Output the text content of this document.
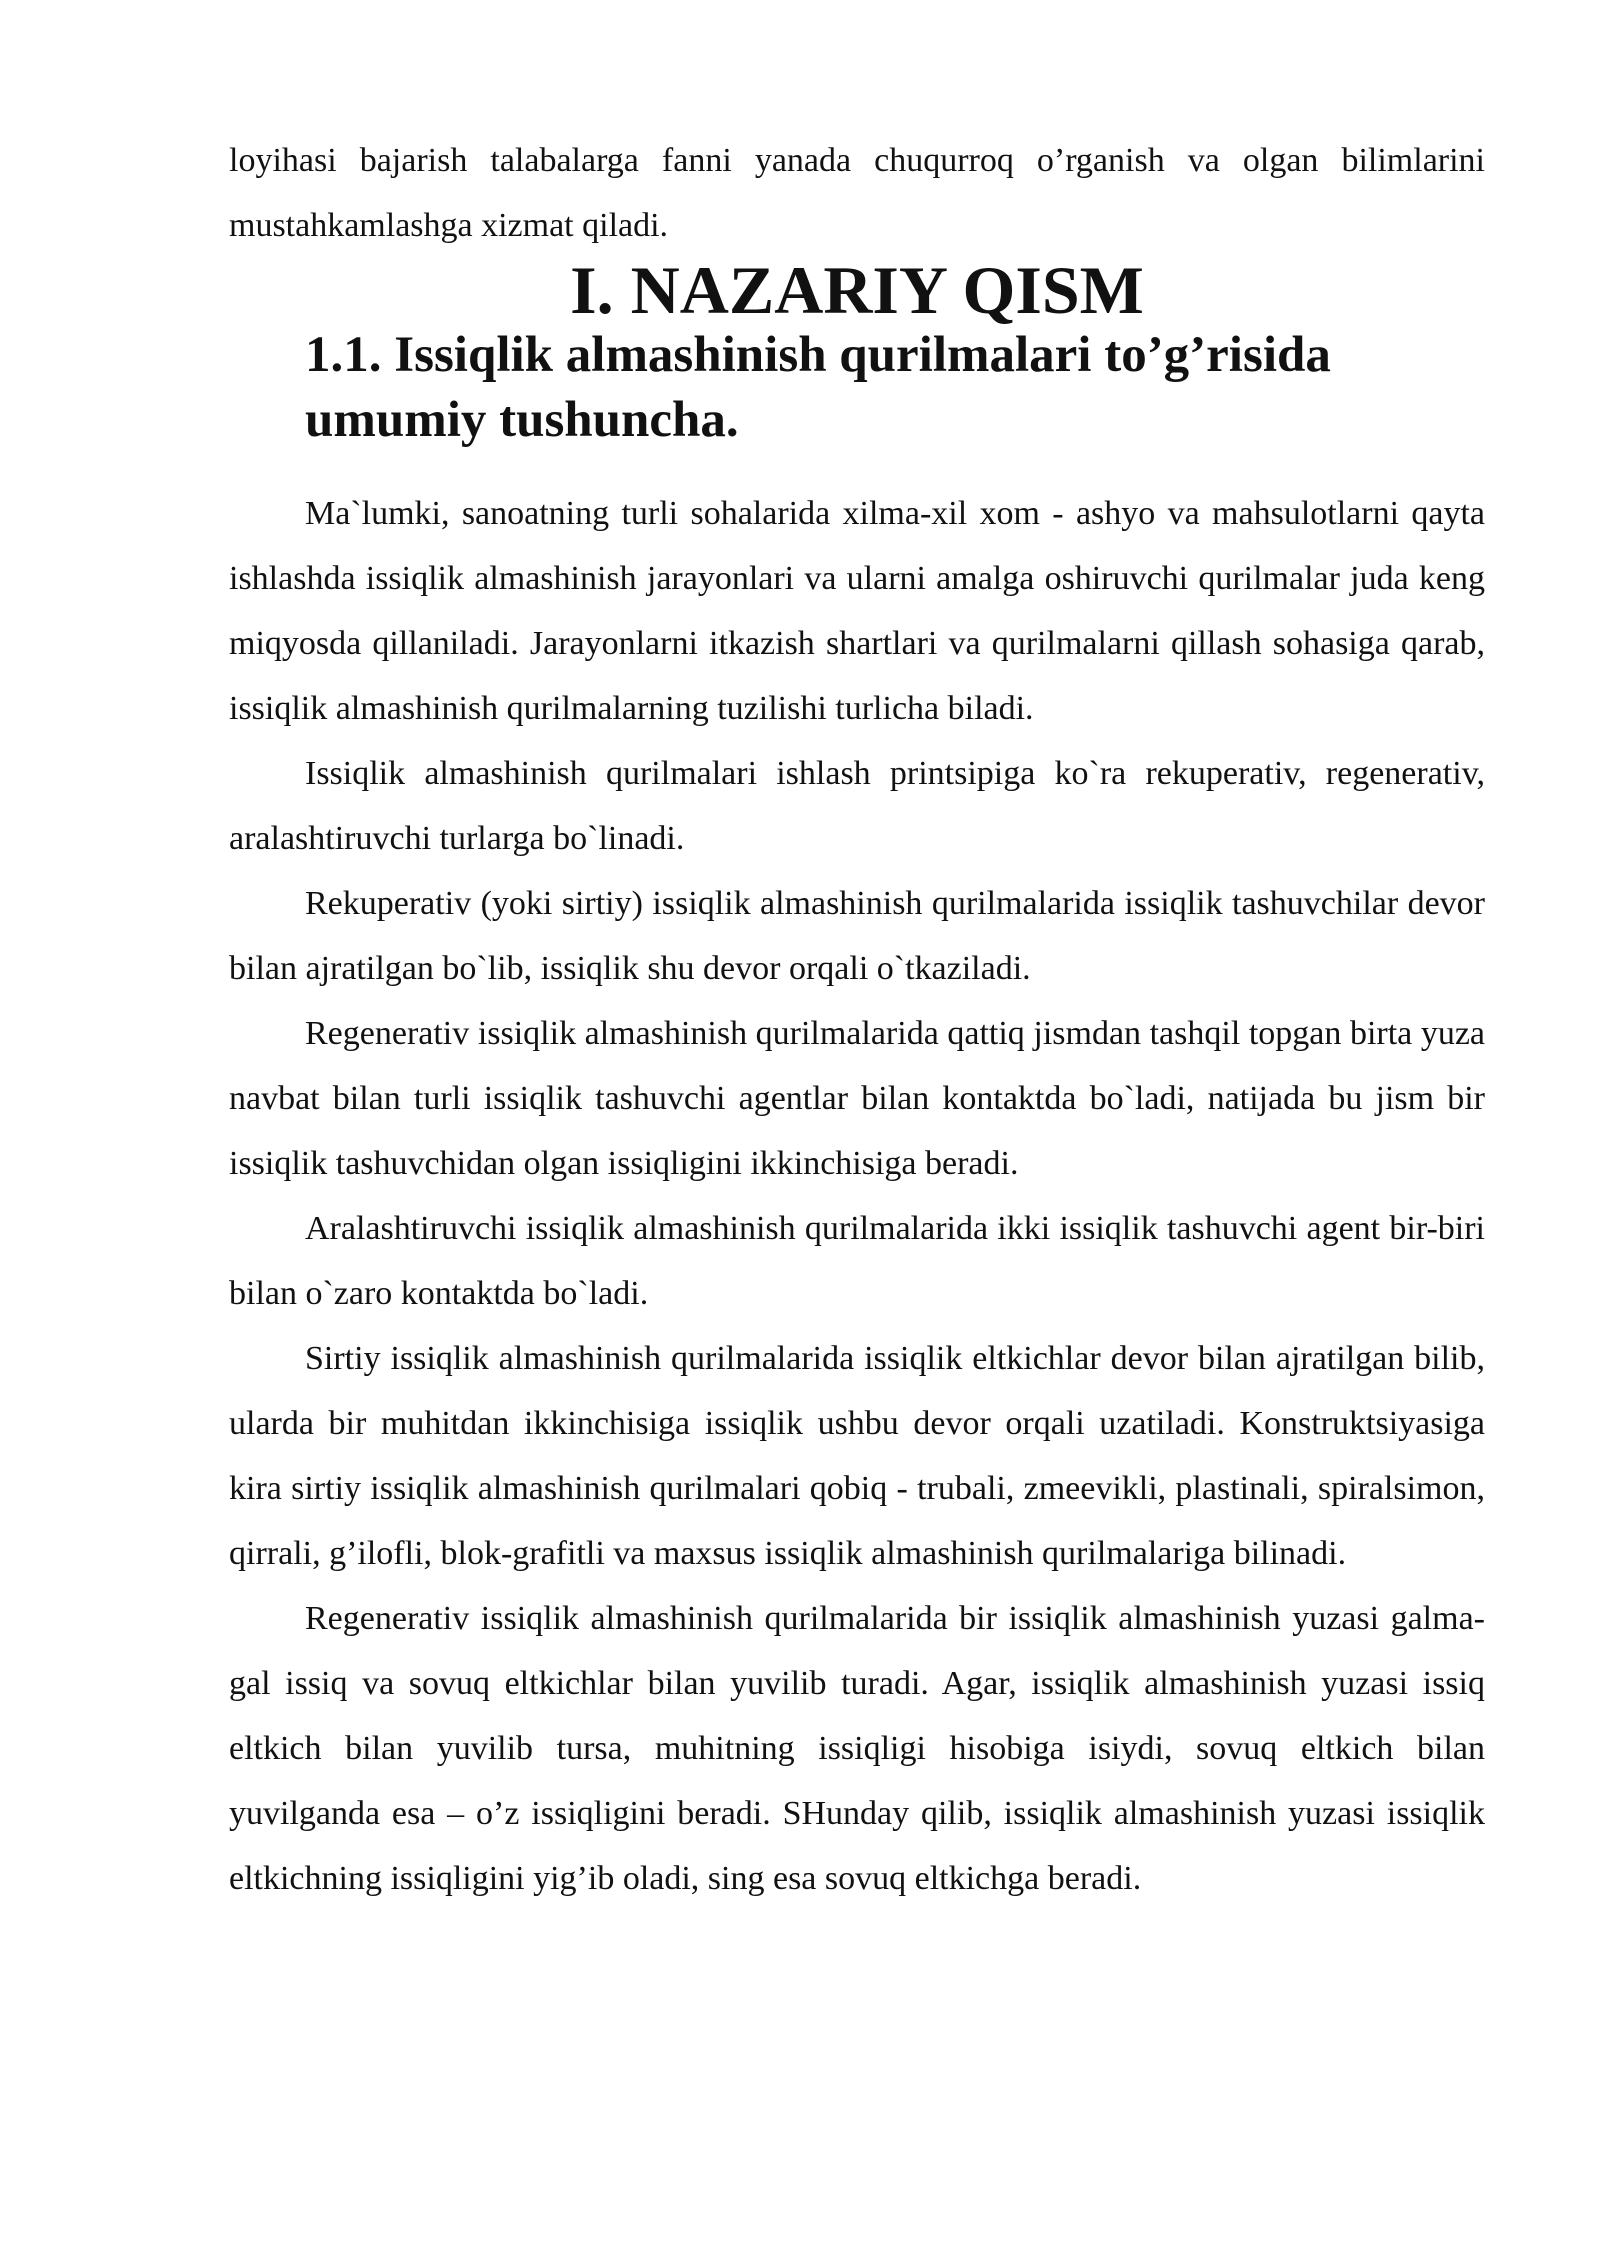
loyihasi bajarish talabalarga fanni yanada chuqurroq o’rganish va olgan bilimlarini mustahkamlashga xizmat qiladi.

I. NAZARIY QISM
1.1. Issiqlik almashinish qurilmalari to’g’risida umumiy tushuncha.

Ma`lumki, sanoatning turli sohalarida xilma-xil xom - ashyo va mahsulotlarni qayta ishlashda issiqlik almashinish jarayonlari va ularni amalga oshiruvchi qurilmalar juda keng miqyosda qillaniladi. Jarayonlarni itkazish shartlari va qurilmalarni qillash sohasiga qarab, issiqlik almashinish qurilmalarning tuzilishi turlicha biladi.

Issiqlik almashinish qurilmalari ishlash printsipiga ko`ra rekuperativ, regenerativ, aralashtiruvchi turlarga bo`linadi.

Rekuperativ (yoki sirtiy) issiqlik almashinish qurilmalarida issiqlik tashuvchilar devor bilan ajratilgan bo`lib, issiqlik shu devor orqali o`tkaziladi.

Regenerativ issiqlik almashinish qurilmalarida qattiq jismdan tashqil topgan birta yuza navbat bilan turli issiqlik tashuvchi agentlar bilan kontaktda bo`ladi, natijada bu jism bir issiqlik tashuvchidan olgan issiqligini ikkinchisiga beradi.

Aralashtiruvchi issiqlik almashinish qurilmalarida ikki issiqlik tashuvchi agent bir-biri bilan o`zaro kontaktda bo`ladi.

Sirtiy issiqlik almashinish qurilmalarida issiqlik eltkichlar devor bilan ajratilgan bilib, ularda bir muhitdan ikkinchisiga issiqlik ushbu devor orqali uzatiladi. Konstruktsiyasiga kira sirtiy issiqlik almashinish qurilmalari qobiq - trubali, zmeevikli, plastinali, spiralsimon, qirrali, g’ilofli, blok-grafitli va maxsus issiqlik almashinish qurilmalariga bilinadi.

Regenerativ issiqlik almashinish qurilmalarida bir issiqlik almashinish yuzasi galma-gal issiq va sovuq eltkichlar bilan yuvilib turadi. Agar, issiqlik almashinish yuzasi issiq eltkich bilan yuvilib tursa, muhitning issiqligi hisobiga isiydi, sovuq eltkich bilan yuvilganda esa – o’z issiqligini beradi. SHunday qilib, issiqlik almashinish yuzasi issiqlik eltkichning issiqligini yig’ib oladi, sing esa sovuq eltkichga beradi.
